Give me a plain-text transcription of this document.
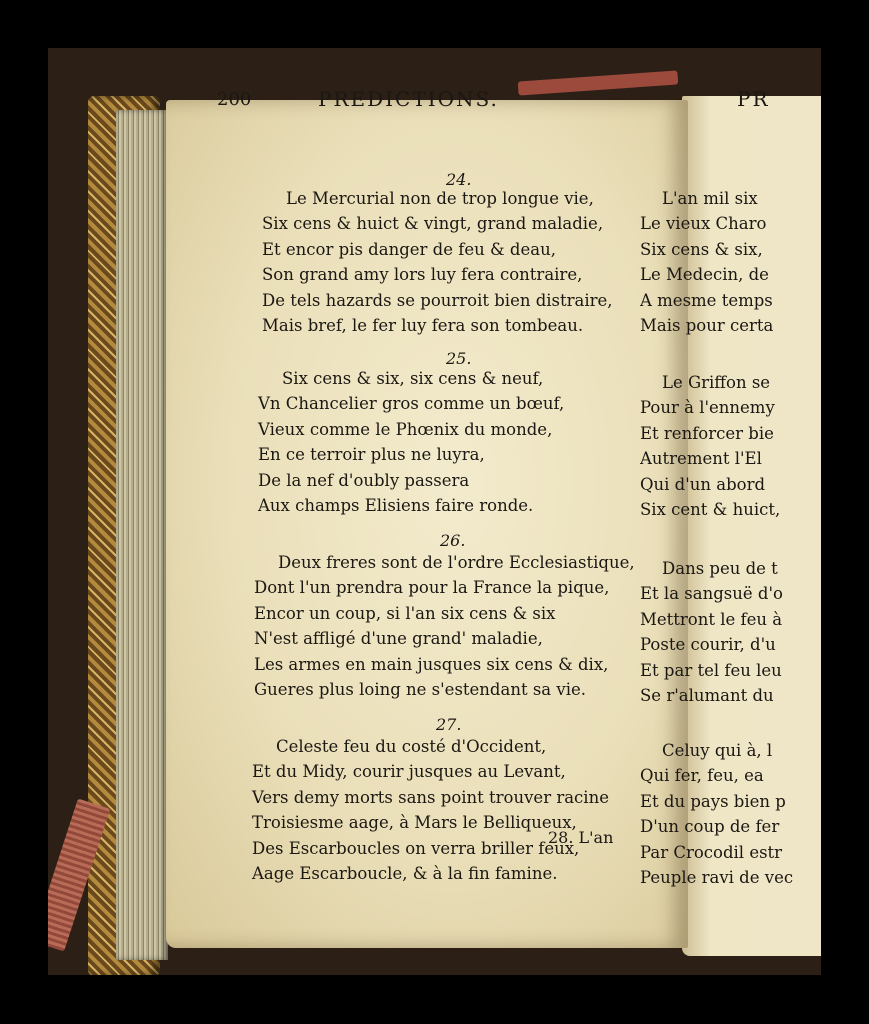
200	PREDICTIONS.
24.
Le Mercurial non de trop longue vie,
Six cens & huict & vingt, grand maladie,
Et encor pis danger de feu & deau,
Son grand amy lors luy fera contraire,
De tels hazards se pourroit bien distraire,
Mais bref, le fer luy fera son tombeau.
25.
Six cens & six, six cens & neuf,
Vn Chancelier gros comme un bœuf,
Vieux comme le Phœnix du monde,
En ce terroir plus ne luyra,
De la nef d'oubly passera
Aux champs Elisiens faire ronde.
26.
Deux freres sont de l'ordre Ecclesiastique,
Dont l'un prendra pour la France la pique,
Encor un coup, si l'an six cens & six
N'est affligé d'une grand' maladie,
Les armes en main jusques six cens & dix,
Gueres plus loing ne s'estendant sa vie.
27.
Celeste feu du costé d'Occident,
Et du Midy, courir jusques au Levant,
Vers demy morts sans point trouver racine
Troisiesme aage, à Mars le Belliqueux,
Des Escarboucles on verra briller feux,
Aage Escarboucle, & à la fin famine.
28. L'an
PR
L'an mil six
Le vieux Charo
Six cens & six,
Le Medecin, de
A mesme temps
Mais pour certa
Le Griffon se
Pour à l'ennemy
Et renforcer bie
Autrement l'El
Qui d'un abord
Six cent & huict,
Dans peu de t
Et la sangsuë d'o
Mettront le feu à
Poste courir, d'u
Et par tel feu leu
Se r'alumant du
Celuy qui à, l
Qui fer, feu, ea
Et du pays bien p
D'un coup de fer
Par Crocodil estr
Peuple ravi de vec
